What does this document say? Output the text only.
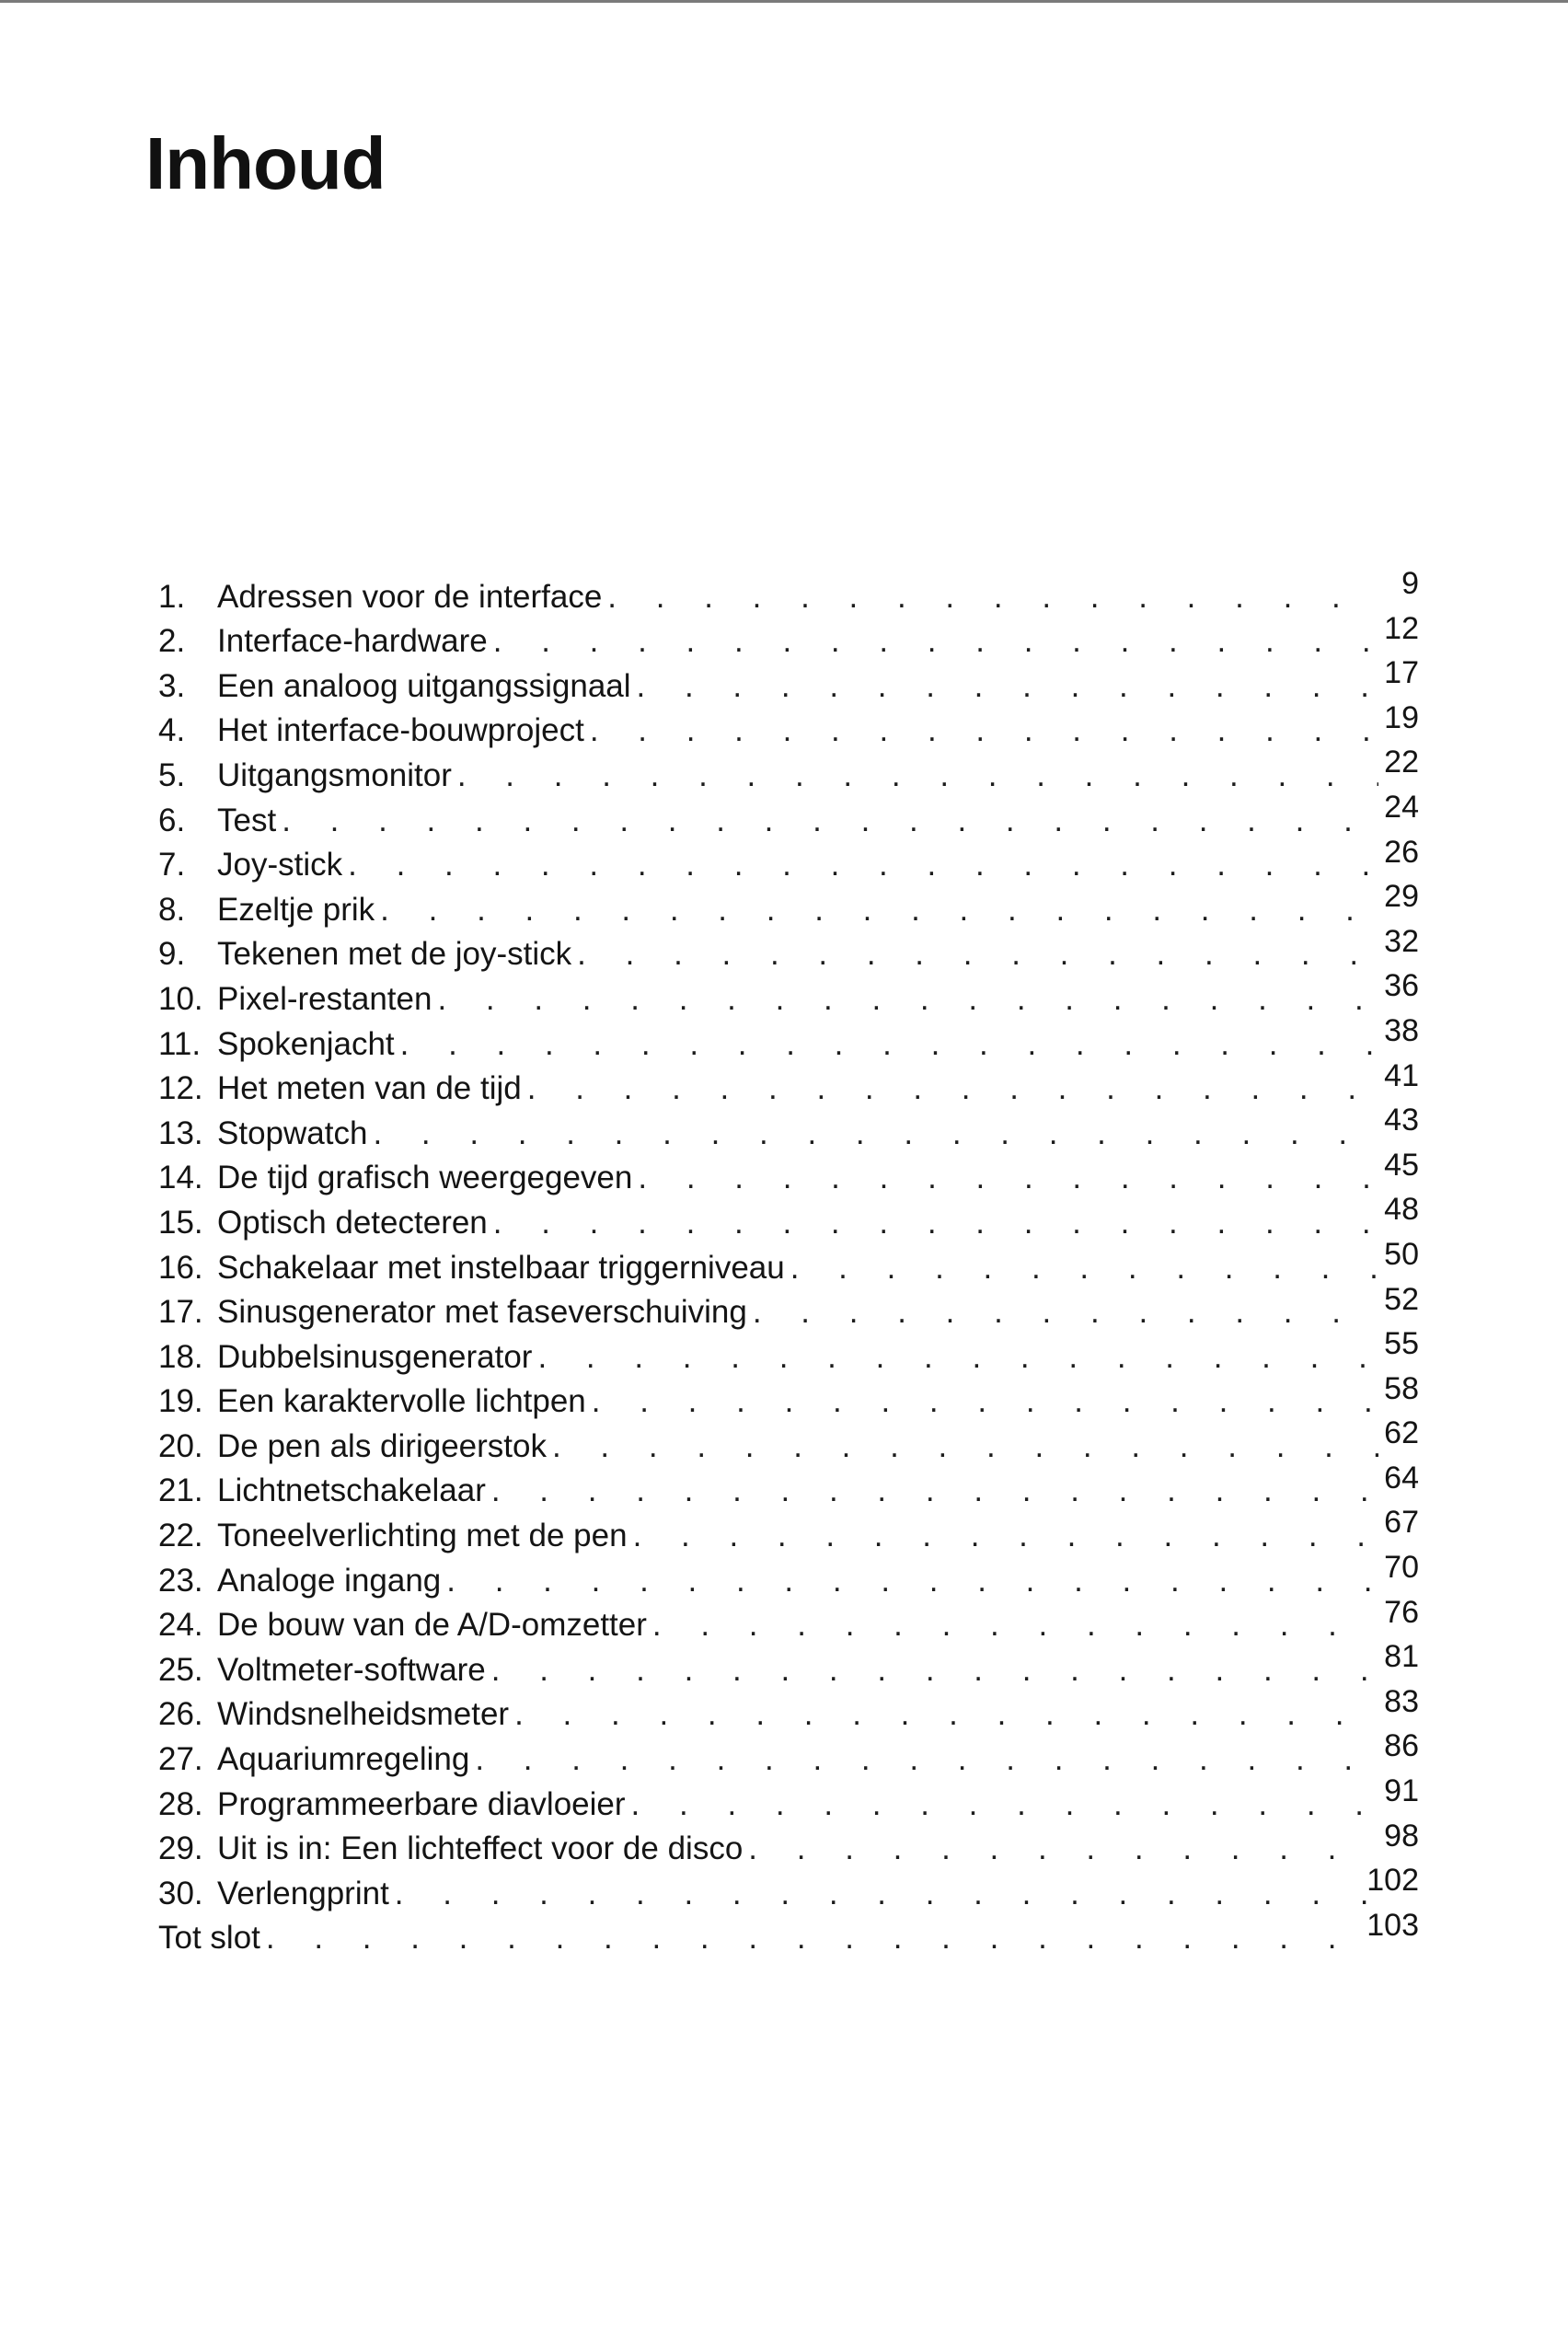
Inhoud
1. Adressen voor de interface . . .	9
2. Interface-hardware . . .	12
3. Een analoog uitgangssignaal . . .	17
4. Het interface-bouwproject . . .	19
5. Uitgangsmonitor . . .	22
6. Test . . .	24
7. Joy-stick . . .	26
8. Ezeltje prik . . .	29
9. Tekenen met de joy-stick . . .	32
10. Pixel-restanten . . .	36
11. Spokenjacht . . .	38
12. Het meten van de tijd . . .	41
13. Stopwatch . . .	43
14. De tijd grafisch weergegeven . . .	45
15. Optisch detecteren . . .	48
16. Schakelaar met instelbaar triggerniveau . . .	50
17. Sinusgenerator met faseverschuiving . . .	52
18. Dubbelsinusgenerator . . .	55
19. Een karaktervolle lichtpen . . .	58
20. De pen als dirigeerstok . . .	62
21. Lichtnetschakelaar . . .	64
22. Toneelverlichting met de pen . . .	67
23. Analoge ingang . . .	70
24. De bouw van de A/D-omzetter . . .	76
25. Voltmeter-software . . .	81
26. Windsnelheidsmeter . . .	83
27. Aquariumregeling . . .	86
28. Programmeerbare diavloeier . . .	91
29. Uit is in: Een lichteffect voor de disco . . .	98
30. Verlengprint . . .	102
Tot slot . . .	103
